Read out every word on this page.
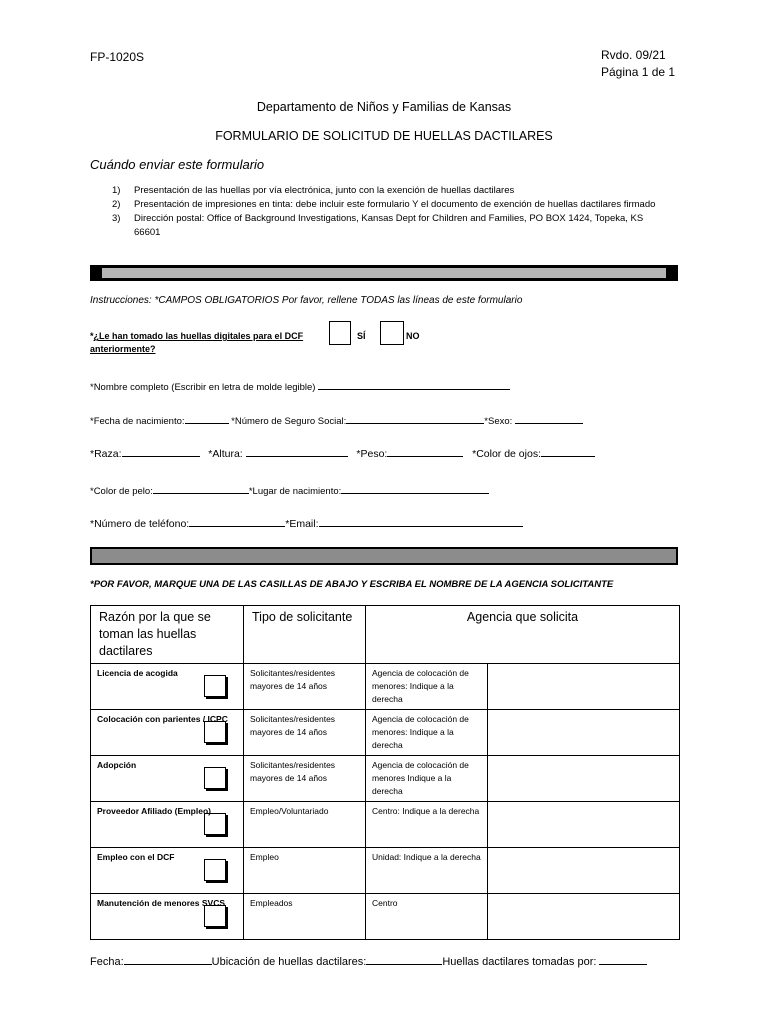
FP-1020S	Rvdo. 09/21
Página 1 de 1
Departamento de Niños y Familias de Kansas
FORMULARIO DE SOLICITUD DE HUELLAS DACTILARES
Cuándo enviar este formulario
1) Presentación de las huellas por vía electrónica, junto con la exención de huellas dactilares
2) Presentación de impresiones en tinta: debe incluir este formulario Y el documento de exención de huellas dactilares firmado
3) Dirección postal: Office of Background Investigations, Kansas Dept for Children and Families, PO BOX 1424, Topeka, KS 66601
Instrucciones: *CAMPOS OBLIGATORIOS Por favor, rellene TODAS las líneas de este formulario
*¿Le han tomado las huellas digitales para el DCF
anteriormente?
SÍ	NO
*Nombre completo (Escribir en letra de molde legible)
*Fecha de nacimiento:	*Número de Seguro Social:	*Sexo:
*Raza:	*Altura:	*Peso:	*Color de ojos:
*Color de pelo:	*Lugar de nacimiento:
*Número de teléfono:	*Email:
*POR FAVOR, MARQUE UNA DE LAS CASILLAS DE ABAJO Y ESCRIBA EL NOMBRE DE LA AGENCIA SOLICITANTE
Razón por la que se toman las huellas dactilares	Tipo de solicitante	Agencia que solicita	
Licencia de acogida	Solicitantes/residentes mayores de 14 años	Agencia de colocación de menores: Indique a la derecha	
Colocación con parientes / ICPC	Solicitantes/residentes mayores de 14 años	Agencia de colocación de menores: Indique a la derecha	
Adopción	Solicitantes/residentes mayores de 14 años	Agencia de colocación de menores Indique a la derecha	
Proveedor Afiliado (Empleo)	Empleo/Voluntariado	Centro: Indique a la derecha	
Empleo con el DCF	Empleo	Unidad: Indique a la derecha	
Manutención de menores SVCS	Empleados	Centro	
Fecha:	Ubicación de huellas dactilares:	Huellas dactilares tomadas por:
